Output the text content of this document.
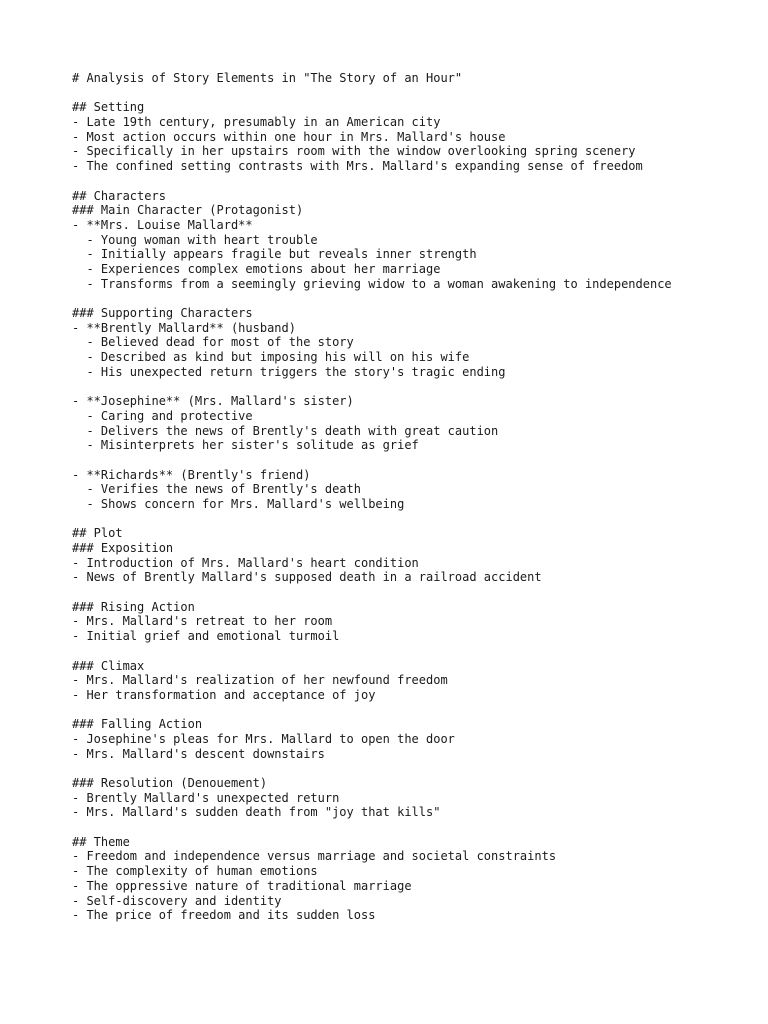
# Analysis of Story Elements in "The Story of an Hour"
## Setting
- Late 19th century, presumably in an American city
- Most action occurs within one hour in Mrs. Mallard's house
- Specifically in her upstairs room with the window overlooking spring scenery
- The confined setting contrasts with Mrs. Mallard's expanding sense of freedom
## Characters
### Main Character (Protagonist)
- **Mrs. Louise Mallard**
- Young woman with heart trouble
- Initially appears fragile but reveals inner strength
- Experiences complex emotions about her marriage
- Transforms from a seemingly grieving widow to a woman awakening to independence
### Supporting Characters
- **Brently Mallard** (husband)
- Believed dead for most of the story
- Described as kind but imposing his will on his wife
- His unexpected return triggers the story's tragic ending
- **Josephine** (Mrs. Mallard's sister)
- Caring and protective
- Delivers the news of Brently's death with great caution
- Misinterprets her sister's solitude as grief
- **Richards** (Brently's friend)
- Verifies the news of Brently's death
- Shows concern for Mrs. Mallard's wellbeing
## Plot
### Exposition
- Introduction of Mrs. Mallard's heart condition
- News of Brently Mallard's supposed death in a railroad accident
### Rising Action
- Mrs. Mallard's retreat to her room
- Initial grief and emotional turmoil
### Climax
- Mrs. Mallard's realization of her newfound freedom
- Her transformation and acceptance of joy
### Falling Action
- Josephine's pleas for Mrs. Mallard to open the door
- Mrs. Mallard's descent downstairs
### Resolution (Denouement)
- Brently Mallard's unexpected return
- Mrs. Mallard's sudden death from "joy that kills"
## Theme
- Freedom and independence versus marriage and societal constraints
- The complexity of human emotions
- The oppressive nature of traditional marriage
- Self-discovery and identity
- The price of freedom and its sudden loss
